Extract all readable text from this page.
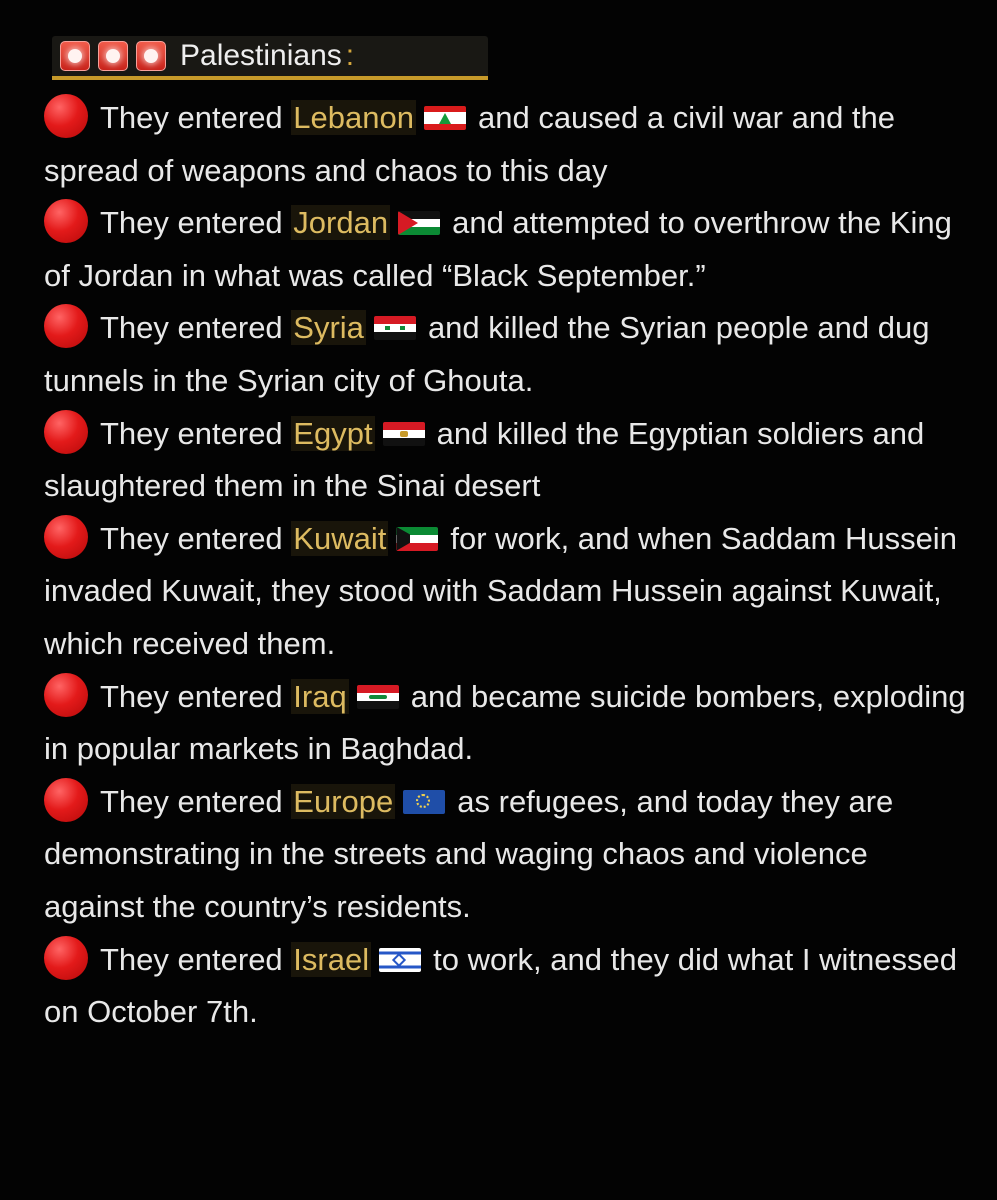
Palestinians :
They entered Lebanon and caused a civil war and the spread of weapons and chaos to this day
They entered Jordan and attempted to overthrow the King of Jordan in what was called “Black September.”
They entered Syria and killed the Syrian people and dug tunnels in the Syrian city of Ghouta.
They entered Egypt and killed the Egyptian soldiers and slaughtered them in the Sinai desert
They entered Kuwait for work, and when Saddam Hussein invaded Kuwait, they stood with Saddam Hussein against Kuwait, which received them.
They entered Iraq and became suicide bombers, exploding in popular markets in Baghdad.
They entered Europe as refugees, and today they are demonstrating in the streets and waging chaos and violence against the country’s residents.
They entered Israel to work, and they did what I witnessed on October 7th.
